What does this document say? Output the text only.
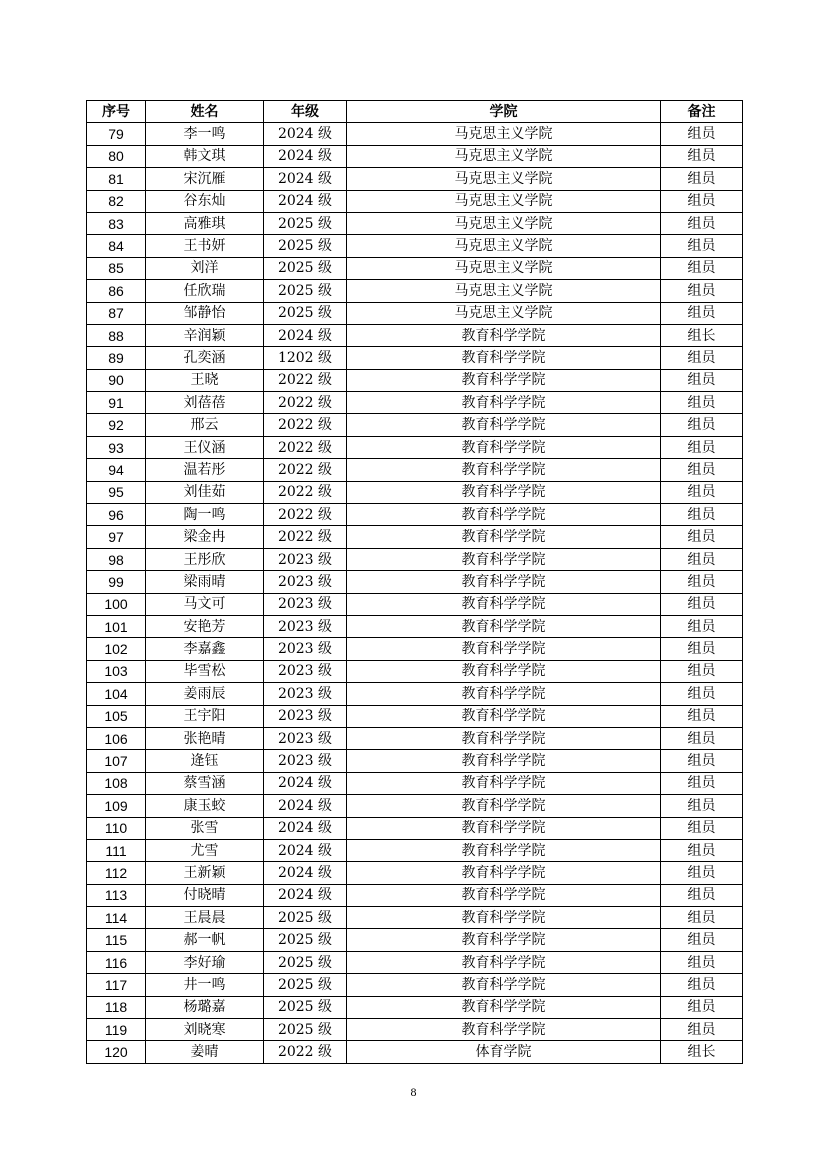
序号	姓名	年级	学院	备注
79	李一鸣	2024 级	马克思主义学院	组员
80	韩文琪	2024 级	马克思主义学院	组员
81	宋沉雁	2024 级	马克思主义学院	组员
82	谷东灿	2024 级	马克思主义学院	组员
83	高雅琪	2025 级	马克思主义学院	组员
84	王书妍	2025 级	马克思主义学院	组员
85	刘洋	2025 级	马克思主义学院	组员
86	任欣瑞	2025 级	马克思主义学院	组员
87	邹静怡	2025 级	马克思主义学院	组员
88	辛润颖	2024 级	教育科学学院	组长
89	孔奕涵	1202 级	教育科学学院	组员
90	王晓	2022 级	教育科学学院	组员
91	刘蓓蓓	2022 级	教育科学学院	组员
92	邢云	2022 级	教育科学学院	组员
93	王仪涵	2022 级	教育科学学院	组员
94	温若彤	2022 级	教育科学学院	组员
95	刘佳茹	2022 级	教育科学学院	组员
96	陶一鸣	2022 级	教育科学学院	组员
97	梁金冉	2022 级	教育科学学院	组员
98	王彤欣	2023 级	教育科学学院	组员
99	梁雨晴	2023 级	教育科学学院	组员
100	马文可	2023 级	教育科学学院	组员
101	安艳芳	2023 级	教育科学学院	组员
102	李嘉鑫	2023 级	教育科学学院	组员
103	毕雪松	2023 级	教育科学学院	组员
104	姜雨辰	2023 级	教育科学学院	组员
105	王宇阳	2023 级	教育科学学院	组员
106	张艳晴	2023 级	教育科学学院	组员
107	逄钰	2023 级	教育科学学院	组员
108	蔡雪涵	2024 级	教育科学学院	组员
109	康玉蛟	2024 级	教育科学学院	组员
110	张雪	2024 级	教育科学学院	组员
111	尤雪	2024 级	教育科学学院	组员
112	王新颖	2024 级	教育科学学院	组员
113	付晓晴	2024 级	教育科学学院	组员
114	王晨晨	2025 级	教育科学学院	组员
115	郝一帆	2025 级	教育科学学院	组员
116	李好瑜	2025 级	教育科学学院	组员
117	井一鸣	2025 级	教育科学学院	组员
118	杨璐嘉	2025 级	教育科学学院	组员
119	刘晓寒	2025 级	教育科学学院	组员
120	姜晴	2022 级	体育学院	组长
8
